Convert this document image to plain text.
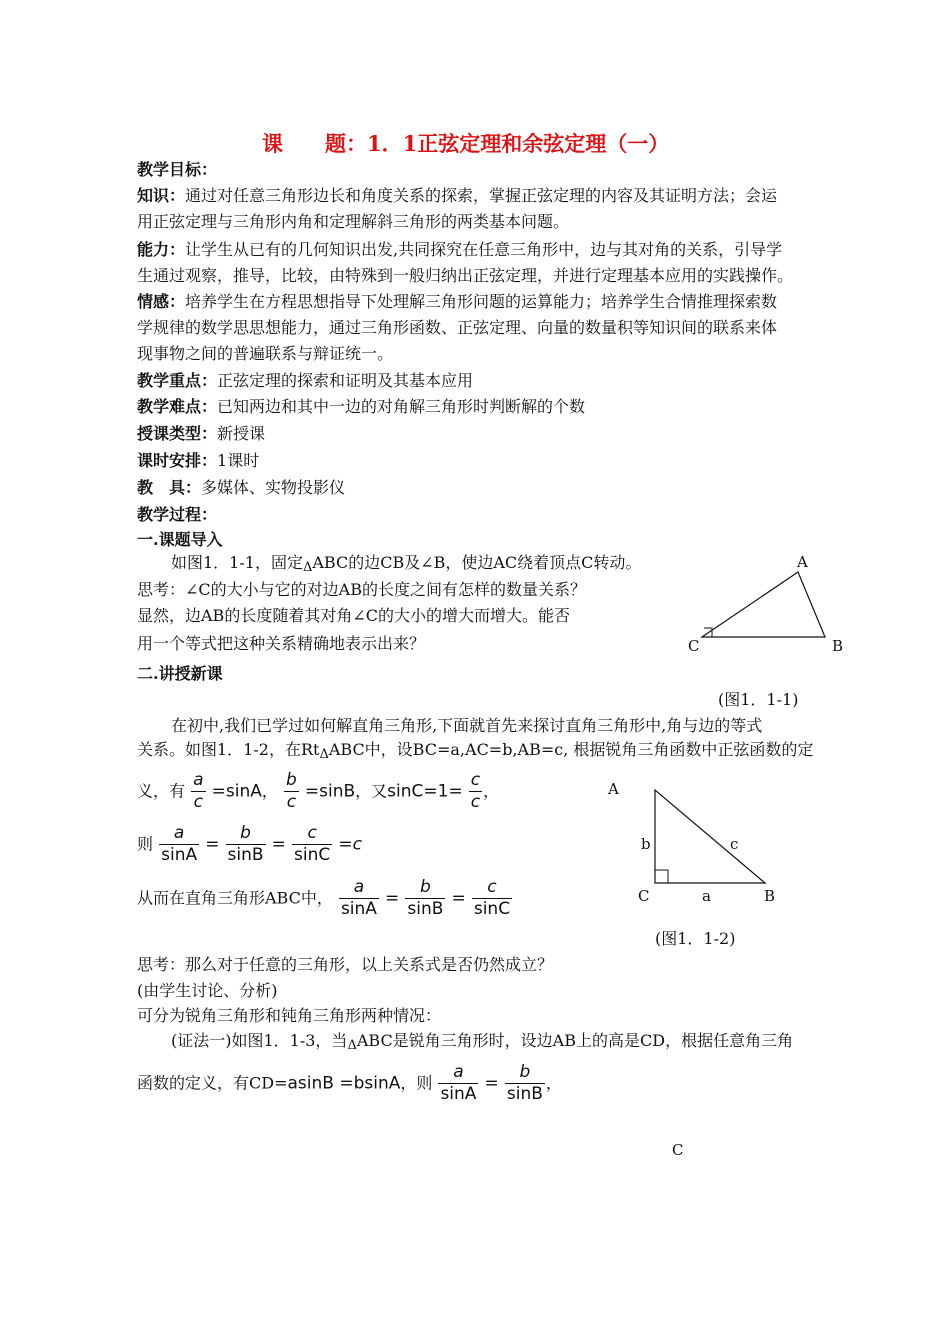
课　　题：1．1正弦定理和余弦定理（一）
教学目标：
知识：通过对任意三角形边长和角度关系的探索，掌握正弦定理的内容及其证明方法；会运
用正弦定理与三角形内角和定理解斜三角形的两类基本问题。
能力：让学生从已有的几何知识出发,共同探究在任意三角形中，边与其对角的关系，引导学
生通过观察，推导，比较，由特殊到一般归纳出正弦定理，并进行定理基本应用的实践操作。
情感：培养学生在方程思想指导下处理解三角形问题的运算能力；培养学生合情推理探索数
学规律的数学思思想能力，通过三角形函数、正弦定理、向量的数量积等知识间的联系来体
现事物之间的普遍联系与辩证统一。
教学重点：正弦定理的探索和证明及其基本应用
教学难点：已知两边和其中一边的对角解三角形时判断解的个数
授课类型：新授课
课时安排：1课时
教　具：多媒体、实物投影仪
教学过程：
一.课题导入
如图1．1-1，固定ΔABC的边CB及∠B，使边AC绕着顶点C转动。
思考：∠C的大小与它的对边AB的长度之间有怎样的数量关系？
显然，边AB的长度随着其对角∠C的大小的增大而增大。能否
用一个等式把这种关系精确地表示出来？
A
C	B
二.讲授新课
(图1．1-1)
在初中,我们已学过如何解直角三角形,下面就首先来探讨直角三角形中,角与边的等式
关系。如图1．1-2，在RtΔABC中，设BC=a,AC=b,AB=c, 根据锐角三角函数中正弦函数的定
义，有 $\frac{a}{c} =\sin A$， $\frac{b}{c} =\sin B$，又$\sin C=1= \frac{c}{c}$ ，
则 $\frac{a}{\sin A} = \frac{b}{\sin B} = \frac{c}{\sin C} =c$
从而在直角三角形ABC中， $\frac{a}{\sin A} = \frac{b}{\sin B} = \frac{c}{\sin C}$
A
b	c
C	a	B
(图1．1-2)
思考：那么对于任意的三角形，以上关系式是否仍然成立？
(由学生讨论、分析)
可分为锐角三角形和钝角三角形两种情况：
(证法一)如图1．1-3，当ΔABC是锐角三角形时，设边AB上的高是CD，根据任意角三角
函数的定义，有CD=asinB =bsinA，则 $\frac{a}{\sin A} = \frac{b}{\sin B}$ ，
C
